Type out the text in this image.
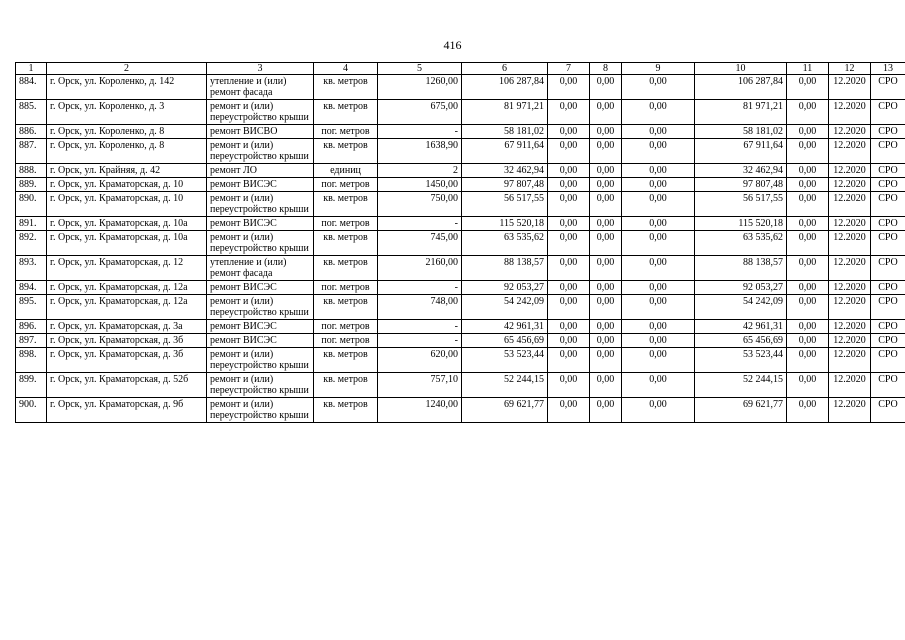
416
1	2	3	4	5	6	7	8	9	10	11	12	13
884.	г. Орск, ул. Короленко, д. 142	утепление и (или) ремонт фасада	кв. метров	1260,00	106 287,84	0,00	0,00	0,00	106 287,84	0,00	12.2020	СРО
885.	г. Орск, ул. Короленко, д. 3	ремонт и (или) переустройство крыши	кв. метров	675,00	81 971,21	0,00	0,00	0,00	81 971,21	0,00	12.2020	СРО
886.	г. Орск, ул. Короленко, д. 8	ремонт ВИСВО	пог. метров	-	58 181,02	0,00	0,00	0,00	58 181,02	0,00	12.2020	СРО
887.	г. Орск, ул. Короленко, д. 8	ремонт и (или) переустройство крыши	кв. метров	1638,90	67 911,64	0,00	0,00	0,00	67 911,64	0,00	12.2020	СРО
888.	г. Орск, ул. Крайняя, д. 42	ремонт ЛО	единиц	2	32 462,94	0,00	0,00	0,00	32 462,94	0,00	12.2020	СРО
889.	г. Орск, ул. Краматорская, д. 10	ремонт ВИСЭС	пог. метров	1450,00	97 807,48	0,00	0,00	0,00	97 807,48	0,00	12.2020	СРО
890.	г. Орск, ул. Краматорская, д. 10	ремонт и (или) переустройство крыши	кв. метров	750,00	56 517,55	0,00	0,00	0,00	56 517,55	0,00	12.2020	СРО
891.	г. Орск, ул. Краматорская, д. 10а	ремонт ВИСЭС	пог. метров	-	115 520,18	0,00	0,00	0,00	115 520,18	0,00	12.2020	СРО
892.	г. Орск, ул. Краматорская, д. 10а	ремонт и (или) переустройство крыши	кв. метров	745,00	63 535,62	0,00	0,00	0,00	63 535,62	0,00	12.2020	СРО
893.	г. Орск, ул. Краматорская, д. 12	утепление и (или) ремонт фасада	кв. метров	2160,00	88 138,57	0,00	0,00	0,00	88 138,57	0,00	12.2020	СРО
894.	г. Орск, ул. Краматорская, д. 12а	ремонт ВИСЭС	пог. метров	-	92 053,27	0,00	0,00	0,00	92 053,27	0,00	12.2020	СРО
895.	г. Орск, ул. Краматорская, д. 12а	ремонт и (или) переустройство крыши	кв. метров	748,00	54 242,09	0,00	0,00	0,00	54 242,09	0,00	12.2020	СРО
896.	г. Орск, ул. Краматорская, д. 3а	ремонт ВИСЭС	пог. метров	-	42 961,31	0,00	0,00	0,00	42 961,31	0,00	12.2020	СРО
897.	г. Орск, ул. Краматорская, д. 3б	ремонт ВИСЭС	пог. метров	-	65 456,69	0,00	0,00	0,00	65 456,69	0,00	12.2020	СРО
898.	г. Орск, ул. Краматорская, д. 3б	ремонт и (или) переустройство крыши	кв. метров	620,00	53 523,44	0,00	0,00	0,00	53 523,44	0,00	12.2020	СРО
899.	г. Орск, ул. Краматорская, д. 52б	ремонт и (или) переустройство крыши	кв. метров	757,10	52 244,15	0,00	0,00	0,00	52 244,15	0,00	12.2020	СРО
900.	г. Орск, ул. Краматорская, д. 9б	ремонт и (или) переустройство крыши	кв. метров	1240,00	69 621,77	0,00	0,00	0,00	69 621,77	0,00	12.2020	СРО
